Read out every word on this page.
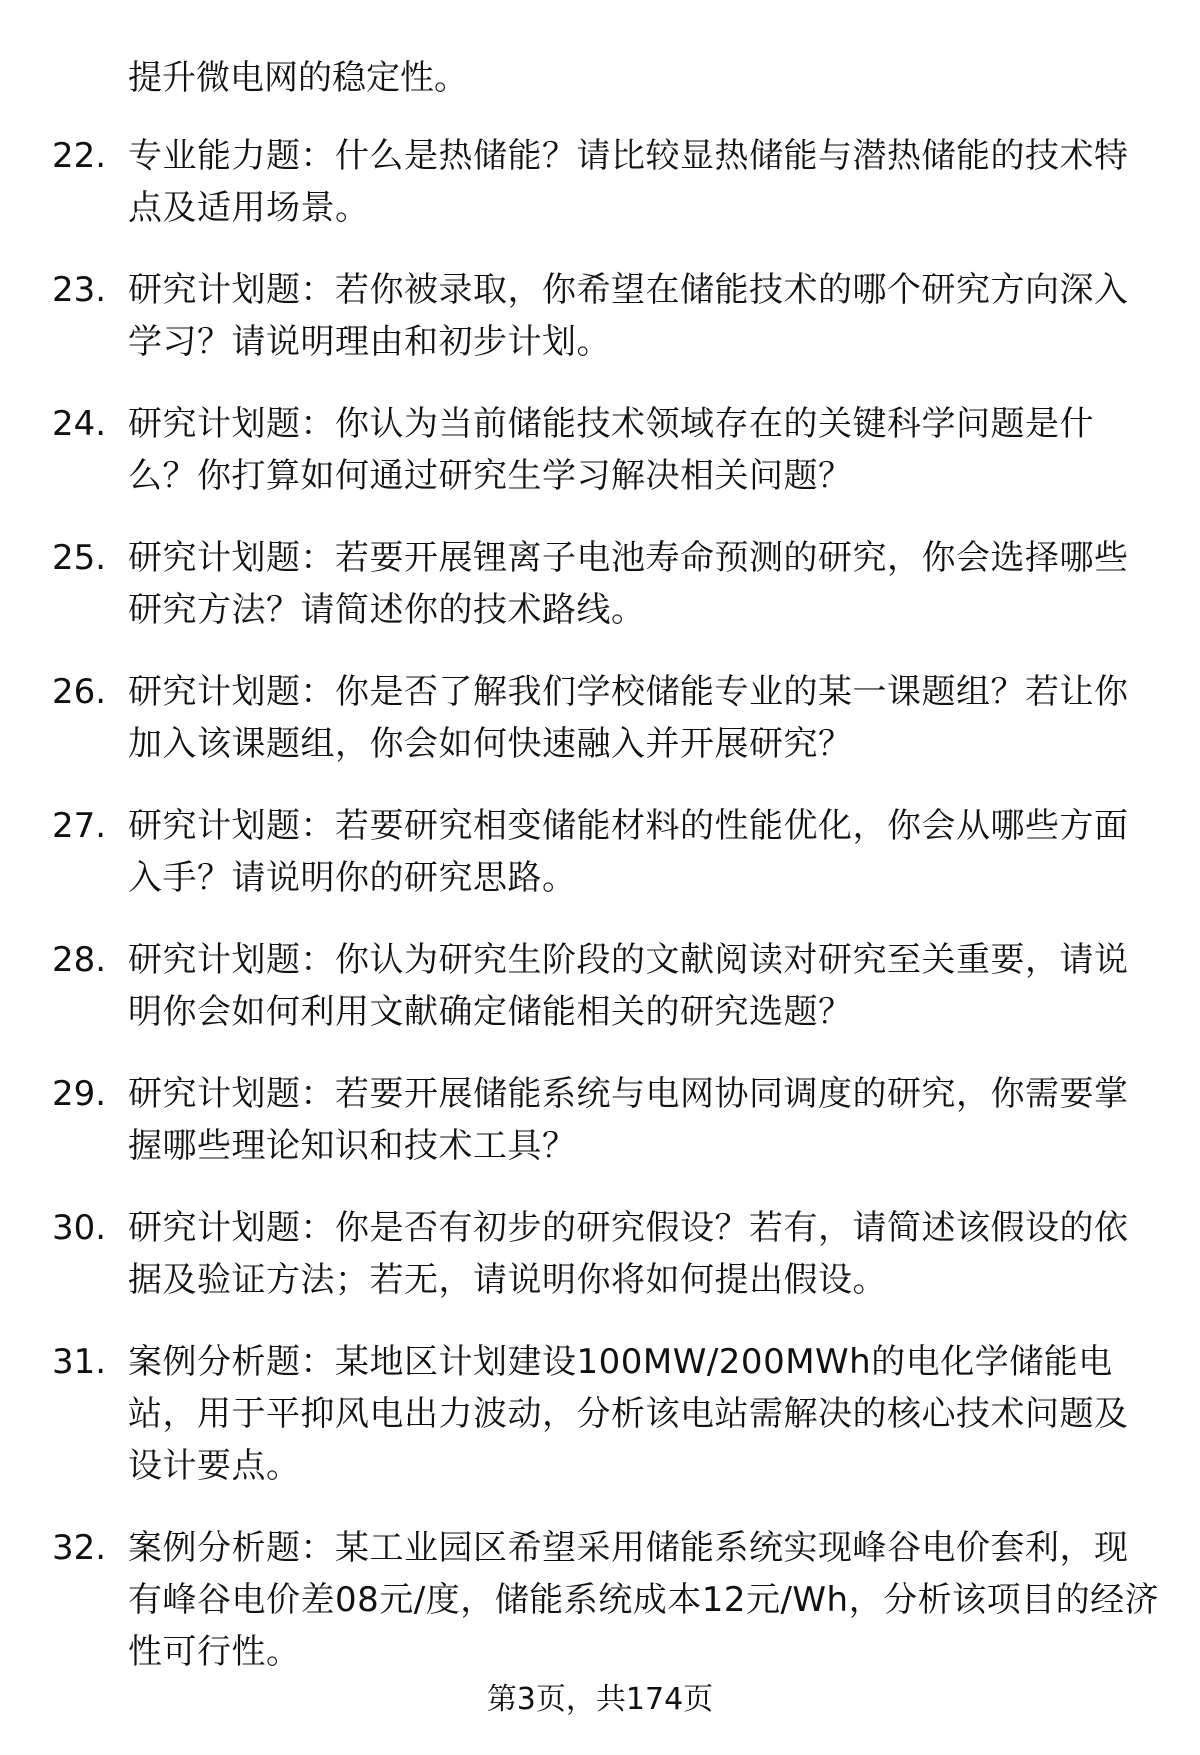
提升微电网的稳定性。

22. 专业能力题：什么是热储能？请比较显热储能与潜热储能的技术特点及适用场景。
23. 研究计划题：若你被录取，你希望在储能技术的哪个研究方向深入学习？请说明理由和初步计划。
24. 研究计划题：你认为当前储能技术领域存在的关键科学问题是什么？你打算如何通过研究生学习解决相关问题？
25. 研究计划题：若要开展锂离子电池寿命预测的研究，你会选择哪些研究方法？请简述你的技术路线。
26. 研究计划题：你是否了解我们学校储能专业的某一课题组？若让你加入该课题组，你会如何快速融入并开展研究？
27. 研究计划题：若要研究相变储能材料的性能优化，你会从哪些方面入手？请说明你的研究思路。
28. 研究计划题：你认为研究生阶段的文献阅读对研究至关重要，请说明你会如何利用文献确定储能相关的研究选题？
29. 研究计划题：若要开展储能系统与电网协同调度的研究，你需要掌握哪些理论知识和技术工具？
30. 研究计划题：你是否有初步的研究假设？若有，请简述该假设的依据及验证方法；若无，请说明你将如何提出假设。
31. 案例分析题：某地区计划建设100MW/200MWh的电化学储能电站，用于平抑风电出力波动，分析该电站需解决的核心技术问题及设计要点。
32. 案例分析题：某工业园区希望采用储能系统实现峰谷电价套利，现有峰谷电价差08元/度，储能系统成本12元/Wh，分析该项目的经济性可行性。
第3页，共174页
